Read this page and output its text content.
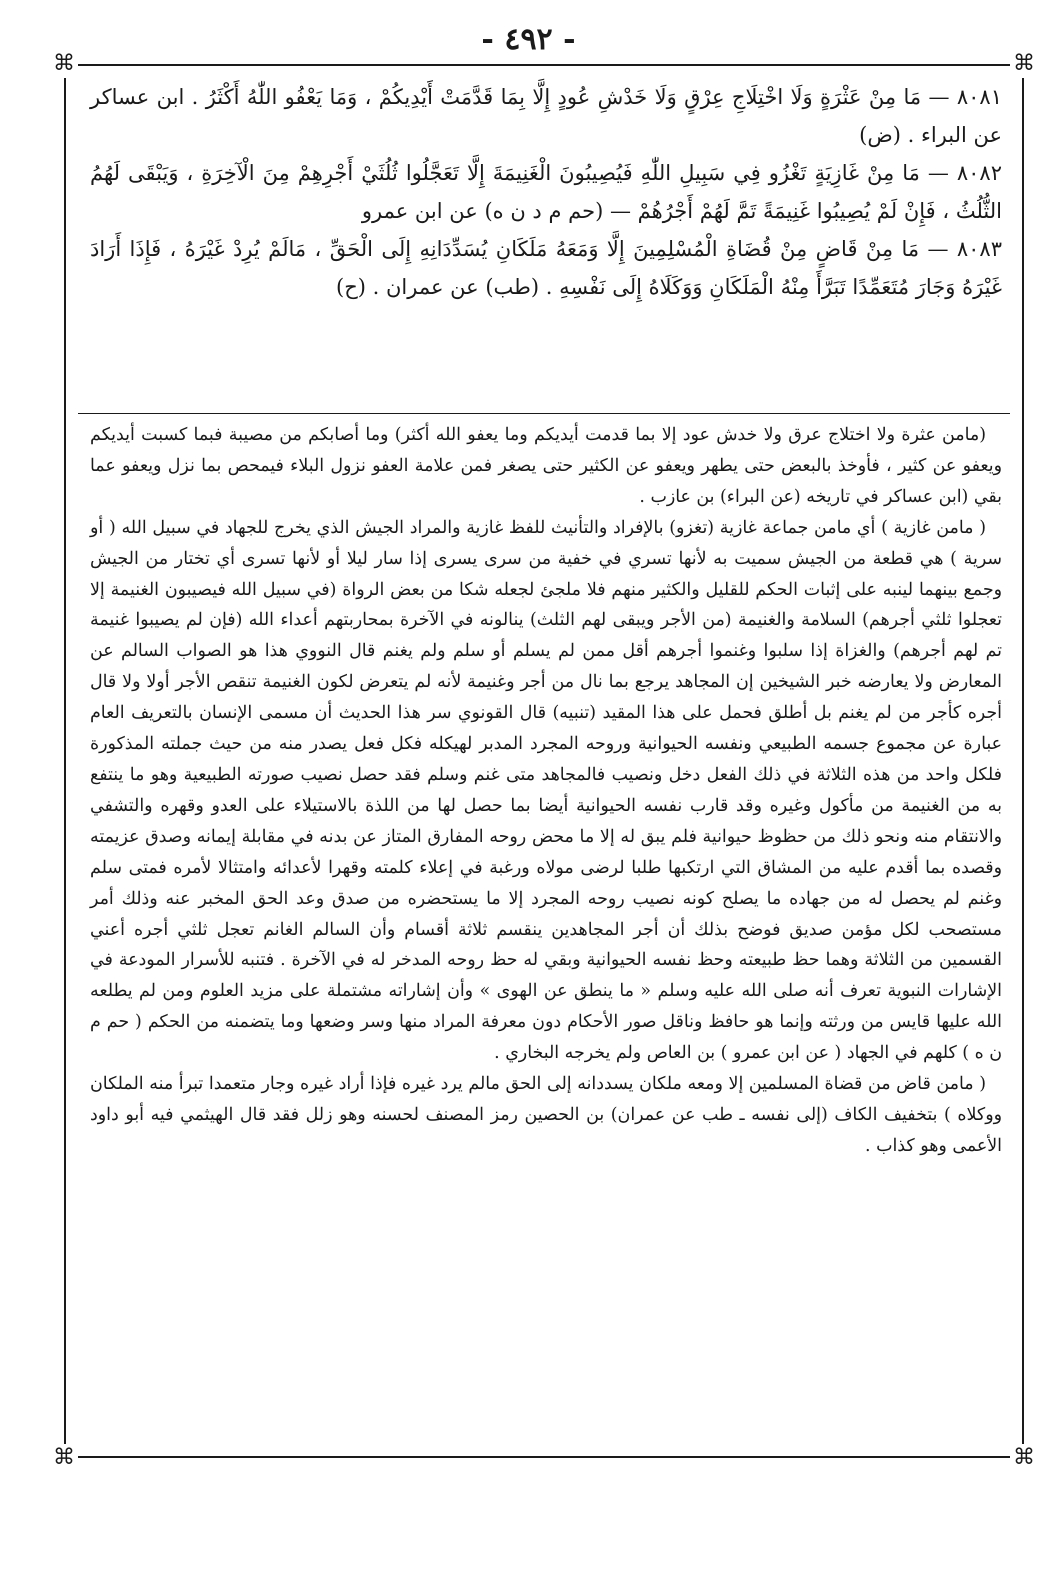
- ٤٩٢ -
⌘	⌘
⌘	⌘

٨٠٨١ — مَا مِنْ عَثْرَةٍ وَلَا اخْتِلَاجِ عِرْقٍ وَلَا خَدْشِ عُودٍ إِلَّا بِمَا قَدَّمَتْ أَيْدِيكُمْ ، وَمَا يَعْفُو اللّٰهُ أَكْثَرُ . ابن عساكر عن البراء . (ض)

٨٠٨٢ — مَا مِنْ غَازِيَةٍ تَغْزُو فِي سَبِيلِ اللّٰهِ فَيُصِيبُونَ الْغَنِيمَةَ إِلَّا تَعَجَّلُوا ثُلُثَيْ أَجْرِهِمْ مِنَ الْآخِرَةِ ، وَيَبْقَى لَهُمُ الثُّلُثُ ، فَإِنْ لَمْ يُصِيبُوا غَنِيمَةً تَمَّ لَهُمْ أَجْرُهُمْ — (حم م د ن ه) عن ابن عمرو

٨٠٨٣ — مَا مِنْ قَاضٍ مِنْ قُضَاةِ الْمُسْلِمِينَ إِلَّا وَمَعَهُ مَلَكَانِ يُسَدِّدَانِهِ إِلَى الْحَقِّ ، مَالَمْ يُرِدْ غَيْرَهُ ، فَإِذَا أَرَادَ غَيْرَهُ وَجَارَ مُتَعَمِّدًا تَبَرَّأَ مِنْهُ الْمَلَكَانِ وَوَكَلَاهُ إِلَى نَفْسِهِ . (طب) عن عمران . (ح)

(مامن عثرة ولا اختلاج عرق ولا خدش عود إلا بما قدمت أيديكم وما يعفو الله أكثر) وما أصابكم من مصيبة فبما كسبت أيديكم ويعفو عن كثير ، فأوخذ بالبعض حتى يطهر ويعفو عن الكثير حتى يصغر فمن علامة العفو نزول البلاء فيمحص بما نزل ويعفو عما بقي (ابن عساكر في تاريخه (عن البراء) بن عازب .

( مامن غازية ) أي مامن جماعة غازية (تغزو) بالإفراد والتأنيث للفظ غازية والمراد الجيش الذي يخرج للجهاد في سبيل الله ( أو سرية ) هي قطعة من الجيش سميت به لأنها تسري في خفية من سرى يسرى إذا سار ليلا أو لأنها تسرى أي تختار من الجيش وجمع بينهما لينبه على إثبات الحكم للقليل والكثير منهم فلا ملجئ لجعله شكا من بعض الرواة (في سبيل الله فيصيبون الغنيمة إلا تعجلوا ثلثي أجرهم) السلامة والغنيمة (من الأجر ويبقى لهم الثلث) ينالونه في الآخرة بمحاربتهم أعداء الله (فإن لم يصيبوا غنيمة تم لهم أجرهم) والغزاة إذا سلبوا وغنموا أجرهم أقل ممن لم يسلم أو سلم ولم يغنم قال النووي هذا هو الصواب السالم عن المعارض ولا يعارضه خبر الشيخين إن المجاهد يرجع بما نال من أجر وغنيمة لأنه لم يتعرض لكون الغنيمة تنقص الأجر أولا ولا قال أجره كأجر من لم يغنم بل أطلق فحمل على هذا المقيد (تنبيه) قال القونوي سر هذا الحديث أن مسمى الإنسان بالتعريف العام عبارة عن مجموع جسمه الطبيعي ونفسه الحيوانية وروحه المجرد المدبر لهيكله فكل فعل يصدر منه من حيث جملته المذكورة فلكل واحد من هذه الثلاثة في ذلك الفعل دخل ونصيب فالمجاهد متى غنم وسلم فقد حصل نصيب صورته الطبيعية وهو ما ينتفع به من الغنيمة من مأكول وغيره وقد قارب نفسه الحيوانية أيضا بما حصل لها من اللذة بالاستيلاء على العدو وقهره والتشفي والانتقام منه ونحو ذلك من حظوظ حيوانية فلم يبق له إلا ما محض روحه المفارق المتاز عن بدنه في مقابلة إيمانه وصدق عزيمته وقصده بما أقدم عليه من المشاق التي ارتكبها طلبا لرضى مولاه ورغبة في إعلاء كلمته وقهرا لأعدائه وامتثالا لأمره فمتى سلم وغنم لم يحصل له من جهاده ما يصلح كونه نصيب روحه المجرد إلا ما يستحضره من صدق وعد الحق المخبر عنه وذلك أمر مستصحب لكل مؤمن صديق فوضح بذلك أن أجر المجاهدين ينقسم ثلاثة أقسام وأن السالم الغانم تعجل ثلثي أجره أعني القسمين من الثلاثة وهما حظ طبيعته وحظ نفسه الحيوانية وبقي له حظ روحه المدخر له في الآخرة . فتنبه للأسرار المودعة في الإشارات النبوية تعرف أنه صلى الله عليه وسلم « ما ينطق عن الهوى » وأن إشاراته مشتملة على مزيد العلوم ومن لم يطلعه الله عليها قايس من ورثته وإنما هو حافظ وناقل صور الأحكام دون معرفة المراد منها وسر وضعها وما يتضمنه من الحكم ( حم م ن ه ) كلهم في الجهاد ( عن ابن عمرو ) بن العاص ولم يخرجه البخاري .

( مامن قاض من قضاة المسلمين إلا ومعه ملكان يسددانه إلى الحق مالم يرد غيره فإذا أراد غيره وجار متعمدا تبرأ منه الملكان ووكلاه ) بتخفيف الكاف (إلى نفسه ـ طب عن عمران) بن الحصين رمز المصنف لحسنه وهو زلل فقد قال الهيثمي فيه أبو داود الأعمى وهو كذاب .
